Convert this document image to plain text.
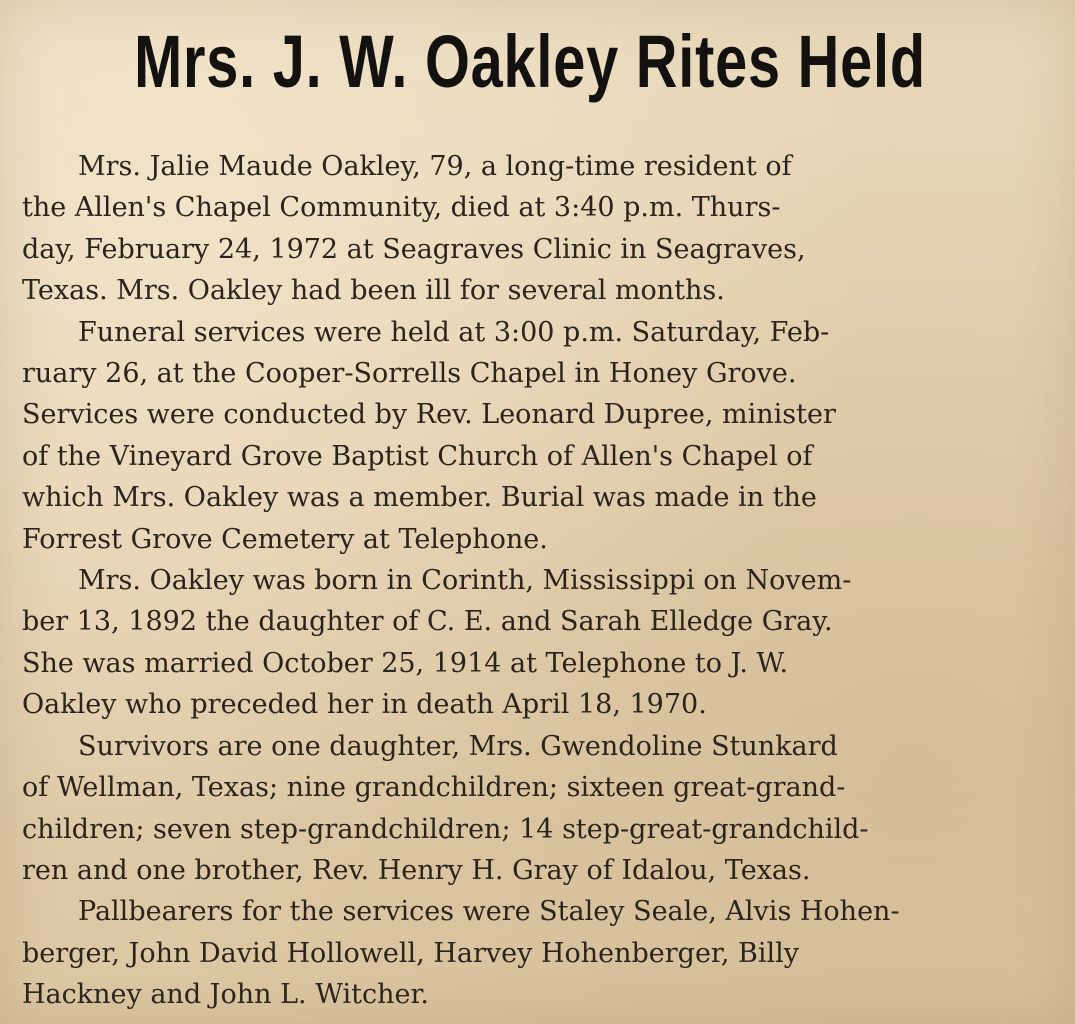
Mrs. J. W. Oakley Rites Held
Mrs. Jalie Maude Oakley, 79, a long-time resident of
the Allen's Chapel Community, died at 3:40 p.m. Thurs-
day, February 24, 1972 at Seagraves Clinic in Seagraves,
Texas. Mrs. Oakley had been ill for several months.
Funeral services were held at 3:00 p.m. Saturday, Feb-
ruary 26, at the Cooper-Sorrells Chapel in Honey Grove.
Services were conducted by Rev. Leonard Dupree, minister
of the Vineyard Grove Baptist Church of Allen's Chapel of
which Mrs. Oakley was a member. Burial was made in the
Forrest Grove Cemetery at Telephone.
Mrs. Oakley was born in Corinth, Mississippi on Novem-
ber 13, 1892 the daughter of C. E. and Sarah Elledge Gray.
She was married October 25, 1914 at Telephone to J. W.
Oakley who preceded her in death April 18, 1970.
Survivors are one daughter, Mrs. Gwendoline Stunkard
of Wellman, Texas; nine grandchildren; sixteen great-grand-
children; seven step-grandchildren; 14 step-great-grandchild-
ren and one brother, Rev. Henry H. Gray of Idalou, Texas.
Pallbearers for the services were Staley Seale, Alvis Hohen-
berger, John David Hollowell, Harvey Hohenberger, Billy
Hackney and John L. Witcher.
